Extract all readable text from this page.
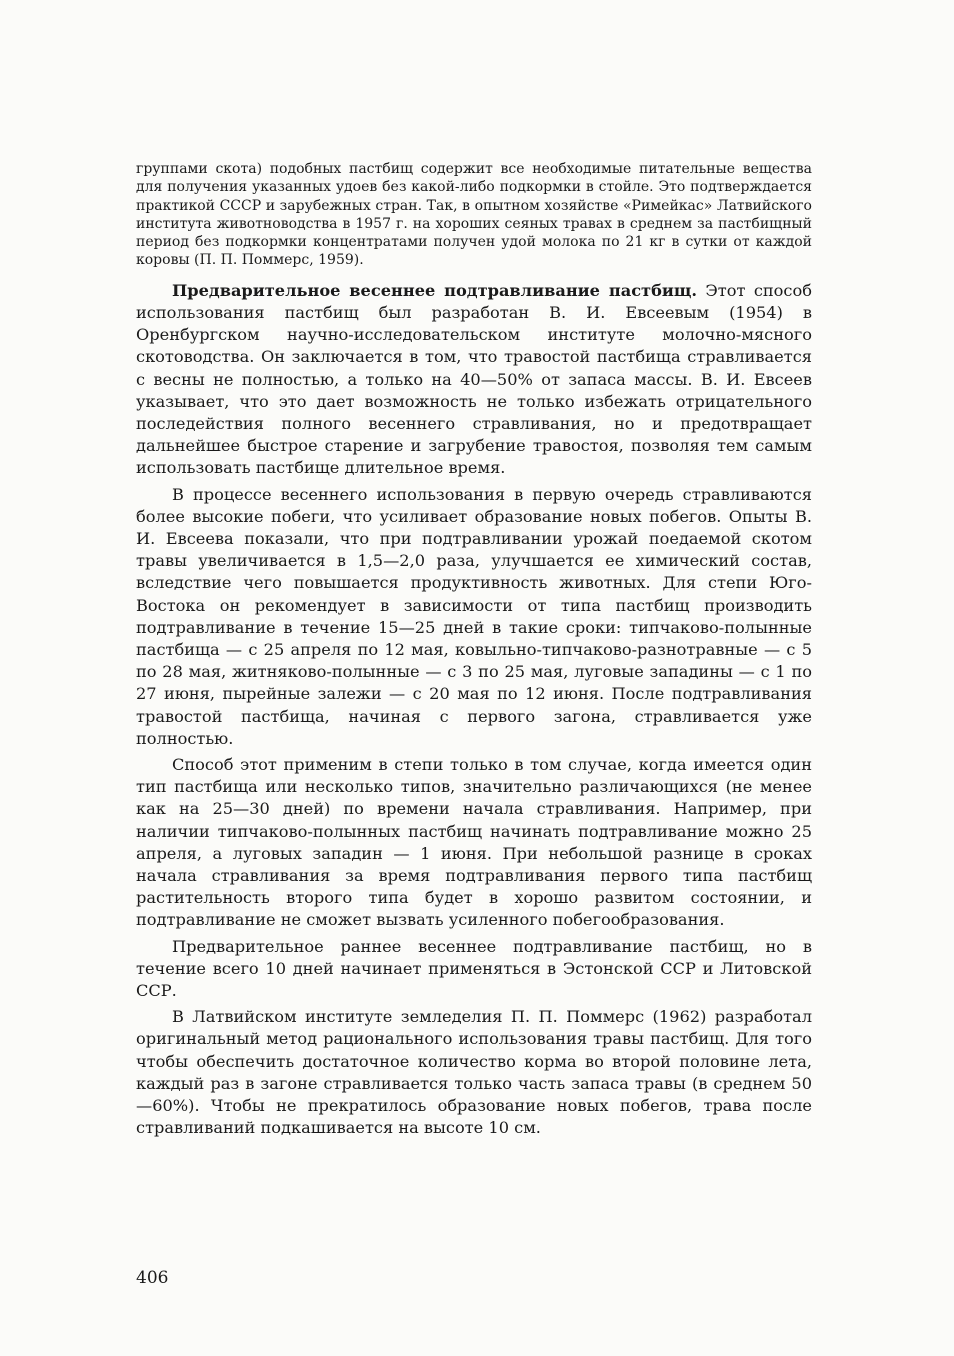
группами скота) подобных пастбищ содержит все необходимые питательные вещества для получения указанных удоев без какой-либо подкормки в стойле. Это подтверждается практикой СССР и зарубежных стран. Так, в опытном хозяйстве «Римейкас» Латвийского института животноводства в 1957 г. на хороших сеяных травах в среднем за пастбищный период без подкормки концентратами получен удой молока по 21 кг в сутки от каждой коровы (П. П. Поммерс, 1959).

Предварительное весеннее подтравливание пастбищ. Этот способ использования пастбищ был разработан В. И. Евсеевым (1954) в Оренбургском научно-исследовательском институте молочно-мясного скотоводства. Он заключается в том, что травостой пастбища стравливается с весны не полностью, а только на 40—50% от запаса массы. В. И. Евсеев указывает, что это дает возможность не только избежать отрицательного последействия полного весеннего стравливания, но и предотвращает дальнейшее быстрое старение и загрубение травостоя, позволяя тем самым использовать пастбище длительное время.

В процессе весеннего использования в первую очередь стравливаются более высокие побеги, что усиливает образование новых побегов. Опыты В. И. Евсеева показали, что при подтравливании урожай поедаемой скотом травы увеличивается в 1,5—2,0 раза, улучшается ее химический состав, вследствие чего повышается продуктивность животных. Для степи Юго-Востока он рекомендует в зависимости от типа пастбищ производить подтравливание в течение 15—25 дней в такие сроки: типчаково-полынные пастбища — с 25 апреля по 12 мая, ковыльно-типчаково-разнотравные — с 5 по 28 мая, житняково-полынные — с 3 по 25 мая, луговые западины — с 1 по 27 июня, пырейные залежи — с 20 мая по 12 июня. После подтравливания травостой пастбища, начиная с первого загона, стравливается уже полностью.

Способ этот применим в степи только в том случае, когда имеется один тип пастбища или несколько типов, значительно различающихся (не менее как на 25—30 дней) по времени начала стравливания. Например, при наличии типчаково-полынных пастбищ начинать подтравливание можно 25 апреля, а луговых западин — 1 июня. При небольшой разнице в сроках начала стравливания за время подтравливания первого типа пастбищ растительность второго типа будет в хорошо развитом состоянии, и подтравливание не сможет вызвать усиленного побегообразования.

Предварительное раннее весеннее подтравливание пастбищ, но в течение всего 10 дней начинает применяться в Эстонской ССР и Литовской ССР.

В Латвийском институте земледелия П. П. Поммерс (1962) разработал оригинальный метод рационального использования травы пастбищ. Для того чтобы обеспечить достаточное количество корма во второй половине лета, каждый раз в загоне стравливается только часть запаса травы (в среднем 50—60%). Чтобы не прекратилось образование новых побегов, трава после стравливаний подкашивается на высоте 10 см.

406
